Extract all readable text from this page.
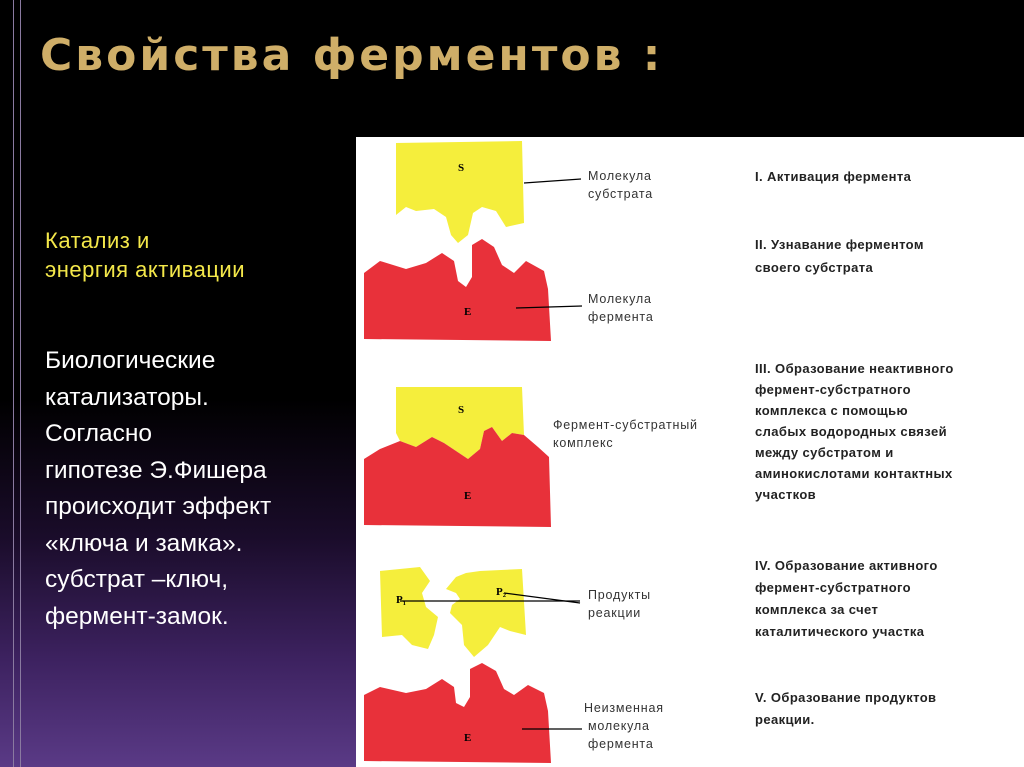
Свойства ферментов :
Катализ и
энергия активации
Биологические
катализаторы.
Согласно
гипотезе Э.Фишера
происходит эффект
«ключа и замка».
субстрат –ключ,
фермент-замок.
S
E
S
E
P₁
P₂
E
Молекула
субстрата
Молекула
фермента
Фермент-субстратный
комплекс
Продукты
реакции
Неизменная
молекула
фермента
I. Активация фермента
II. Узнавание ферментом
своего субстрата
III. Образование неактивного
фермент-субстратного
комплекса с помощью
слабых водородных связей
между субстратом и
аминокислотами контактных
участков
IV. Образование активного
фермент-субстратного
комплекса за счет
каталитического участка
V. Образование продуктов
реакции.
